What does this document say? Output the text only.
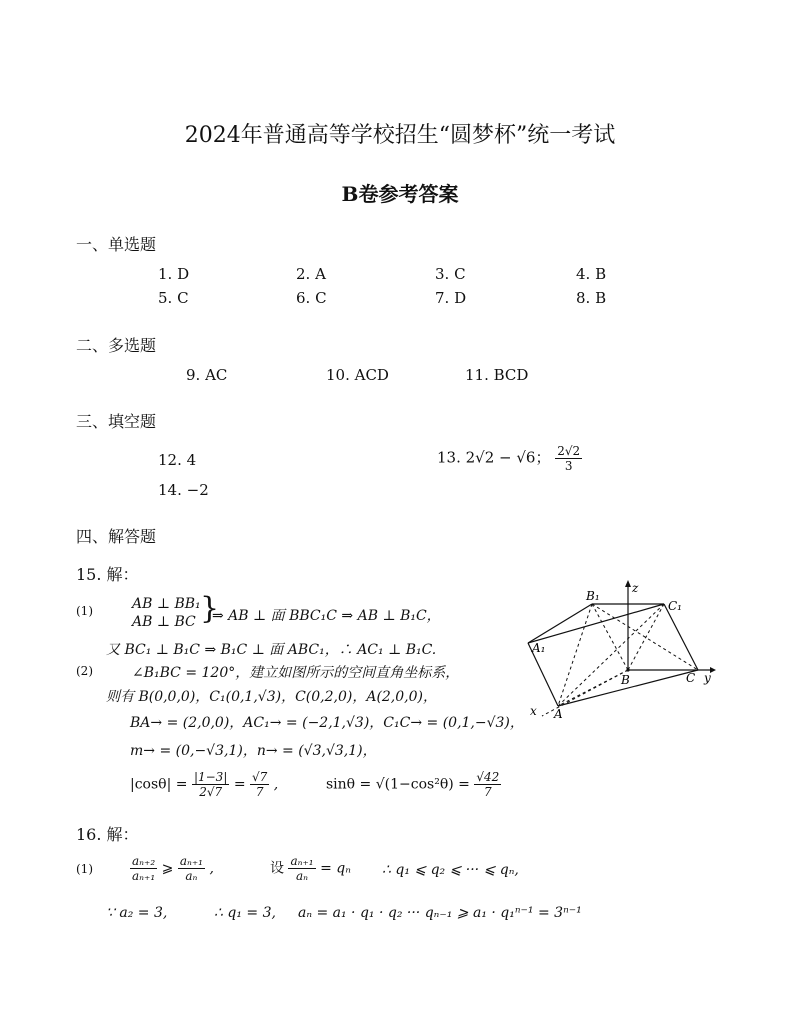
2024年普通高等学校招生“圆梦杯”统一考试
B卷参考答案
一、单选题
1. D	2. A	3. C	4. B
5. C	6. C	7. D	8. B
二、多选题
9. AC	10. ACD	11. BCD
三、填空题
12. 4	13. 2√2 − √6； $\frac{2√2}{3}$
14. −2
四、解答题
15. 解：
(1)	AB ⊥ BB₁
AB ⊥ BC }
⇒ AB ⊥ 面 BBC₁C ⇒ AB ⊥ B₁C，
又 BC₁ ⊥ B₁C ⇒ B₁C ⊥ 面 ABC₁，∴ AC₁ ⊥ B₁C.
(2)	∠B₁BC = 120°，建立如图所示的空间直角坐标系，
则有 B(0,0,0)，C₁(0,1,√3)，C(0,2,0)，A(2,0,0)，
BA→ = (2,0,0)，AC₁→ = (−2,1,√3)，C₁C→ = (0,1,−√3)，
m→ = (0,−√3,1)，n→ = (√3,√3,1)，
$|\cos\theta| = \frac{|1-3|}{2√7} = \frac{√7}{7}$ ,	$\sin\theta = √(1-\cos^2\theta) = \frac{√42}{7}$
B₁
C₁
A₁
B	C
A
z
y
x
16. 解：
(1)	$\frac{\text{aₙ₊₂}}{\text{aₙ₊₁}}$ ⩾ $\frac{\text{aₙ₊₁}}{\text{aₙ}}$ ,	设 $\frac{\text{aₙ₊₁}}{\text{aₙ}} = q_n$ ∴ q₁ ⩽ q₂ ⩽ ··· ⩽ qₙ,
∵ a₂ = 3,	∴ q₁ = 3, aₙ = a₁ · q₁ · q₂ ··· qₙ₋₁ ⩾ a₁ · q₁ⁿ⁻¹ = 3ⁿ⁻¹
